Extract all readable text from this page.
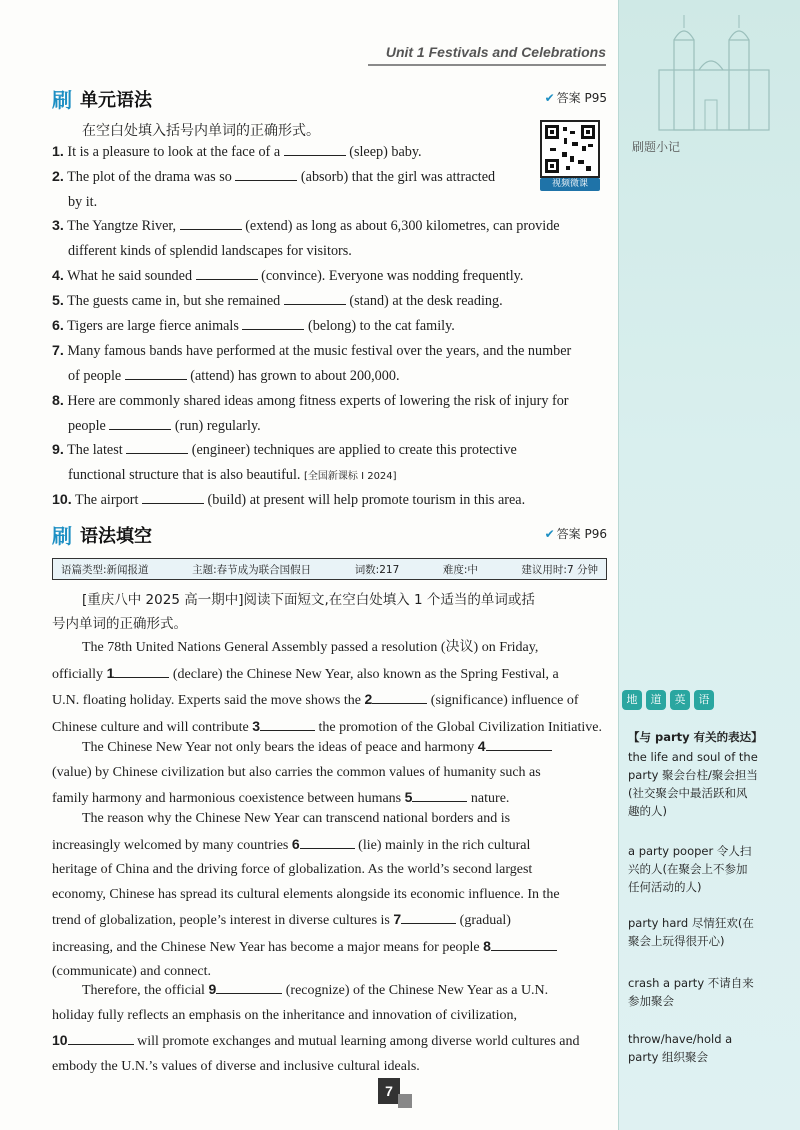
Unit 1 Festivals and Celebrations
刷 单元语法	✔ 答案 P95
在空白处填入括号内单词的正确形式。
视频微课
1. It is a pleasure to look at the face of a	(sleep) baby.
2. The plot of the drama was so	(absorb) that the girl was attracted
by it.
3. The Yangtze River,	(extend) as long as about 6,300 kilometres, can provide
different kinds of splendid landscapes for visitors.
4. What he said sounded	(convince). Everyone was nodding frequently.
5. The guests came in, but she remained	(stand) at the desk reading.
6. Tigers are large fierce animals	(belong) to the cat family.
7. Many famous bands have performed at the music festival over the years, and the number
of people	(attend) has grown to about 200,000.
8. Here are commonly shared ideas among fitness experts of lowering the risk of injury for
people	(run) regularly.
9. The latest	(engineer) techniques are applied to create this protective
functional structure that is also beautiful. [全国新课标 I 2024]
10. The airport	(build) at present will help promote tourism in this area.
刷 语法填空	✔ 答案 P96
语篇类型:新闻报道	主题:春节成为联合国假日	词数:217	难度:中	建议用时:7 分钟
[重庆八中 2025 高一期中]阅读下面短文,在空白处填入 1 个适当的单词或括
号内单词的正确形式。
The 78th United Nations General Assembly passed a resolution (决议) on Friday,
officially 1	(declare) the Chinese New Year, also known as the Spring Festival, a
U.N. floating holiday. Experts said the move shows the 2	(significance) influence of
Chinese culture and will contribute 3	the promotion of the Global Civilization Initiative.
The Chinese New Year not only bears the ideas of peace and harmony 4
(value) by Chinese civilization but also carries the common values of humanity such as
family harmony and harmonious coexistence between humans 5	nature.
The reason why the Chinese New Year can transcend national borders and is
increasingly welcomed by many countries 6	(lie) mainly in the rich cultural
heritage of China and the driving force of globalization. As the world’s second largest
economy, Chinese has spread its cultural elements alongside its economic influence. In the
trend of globalization, people’s interest in diverse cultures is 7	(gradual)
increasing, and the Chinese New Year has become a major means for people 8
(communicate) and connect.
Therefore, the official 9	(recognize) of the Chinese New Year as a U.N.
holiday fully reflects an emphasis on the inheritance and innovation of civilization,
10	will promote exchanges and mutual learning among diverse world cultures and
embody the U.N.’s values of diverse and inclusive cultural ideals.
刷题小记
地	道	英	语
【与 party 有关的表达】
the life and soul of the party 聚会台柱/聚会担当(社交聚会中最活跃和风趣的人)
a party pooper 令人扫兴的人(在聚会上不参加任何活动的人)
party hard 尽情狂欢(在聚会上玩得很开心)
crash a party 不请自来参加聚会
throw/have/hold a party 组织聚会
7
